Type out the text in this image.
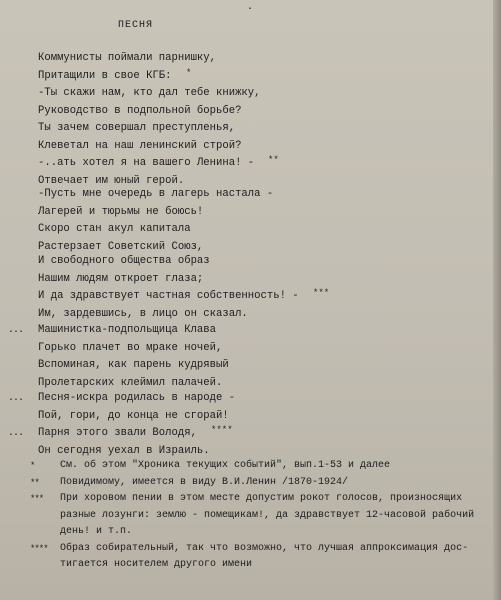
.
ПЕСНЯ
Коммунисты поймали парнишку,
Притащили в свое КГБ: *
-Ты скажи нам, кто дал тебе книжку,
Руководство в подпольной борьбе?
Ты зачем совершал преступленья,
Клеветал на наш ленинский строй?
-..ать хотел я на вашего Ленина! - **
Отвечает им юный герой.
-Пусть мне очередь в лагерь настала -
Лагерей и тюрьмы не боюсь!
Скоро стан акул капитала
Растерзает Советский Союз,
И свободного общества образ
Нашим людям откроет глаза;
И да здравствует частная собственность! - ***
Им, зардевшись, в лицо он сказал.
... Машинистка-подпольщица Клава
Горько плачет во мраке ночей,
Вспоминая, как парень кудрявый
Пролетарских клеймил палачей.
... Песня-искра родилась в народе -
Пой, гори, до конца не сгорай!
... Парня этого звали Володя, ****
Он сегодня уехал в Израиль.
*	См. об этом "Хроника текущих событий", вып.1-53 и далее
** Повидимому, имеется в виду В.И.Ленин /1870-1924/
*** При хоровом пении в этом месте допустим рокот голосов, произносящих
разные лозунги: землю - помещикам!, да здравствует 12-часовой рабочий
день! и т.п.
**** Образ собирательный, так что возможно, что лучшая аппроксимация дос-
тигается носителем другого имени
